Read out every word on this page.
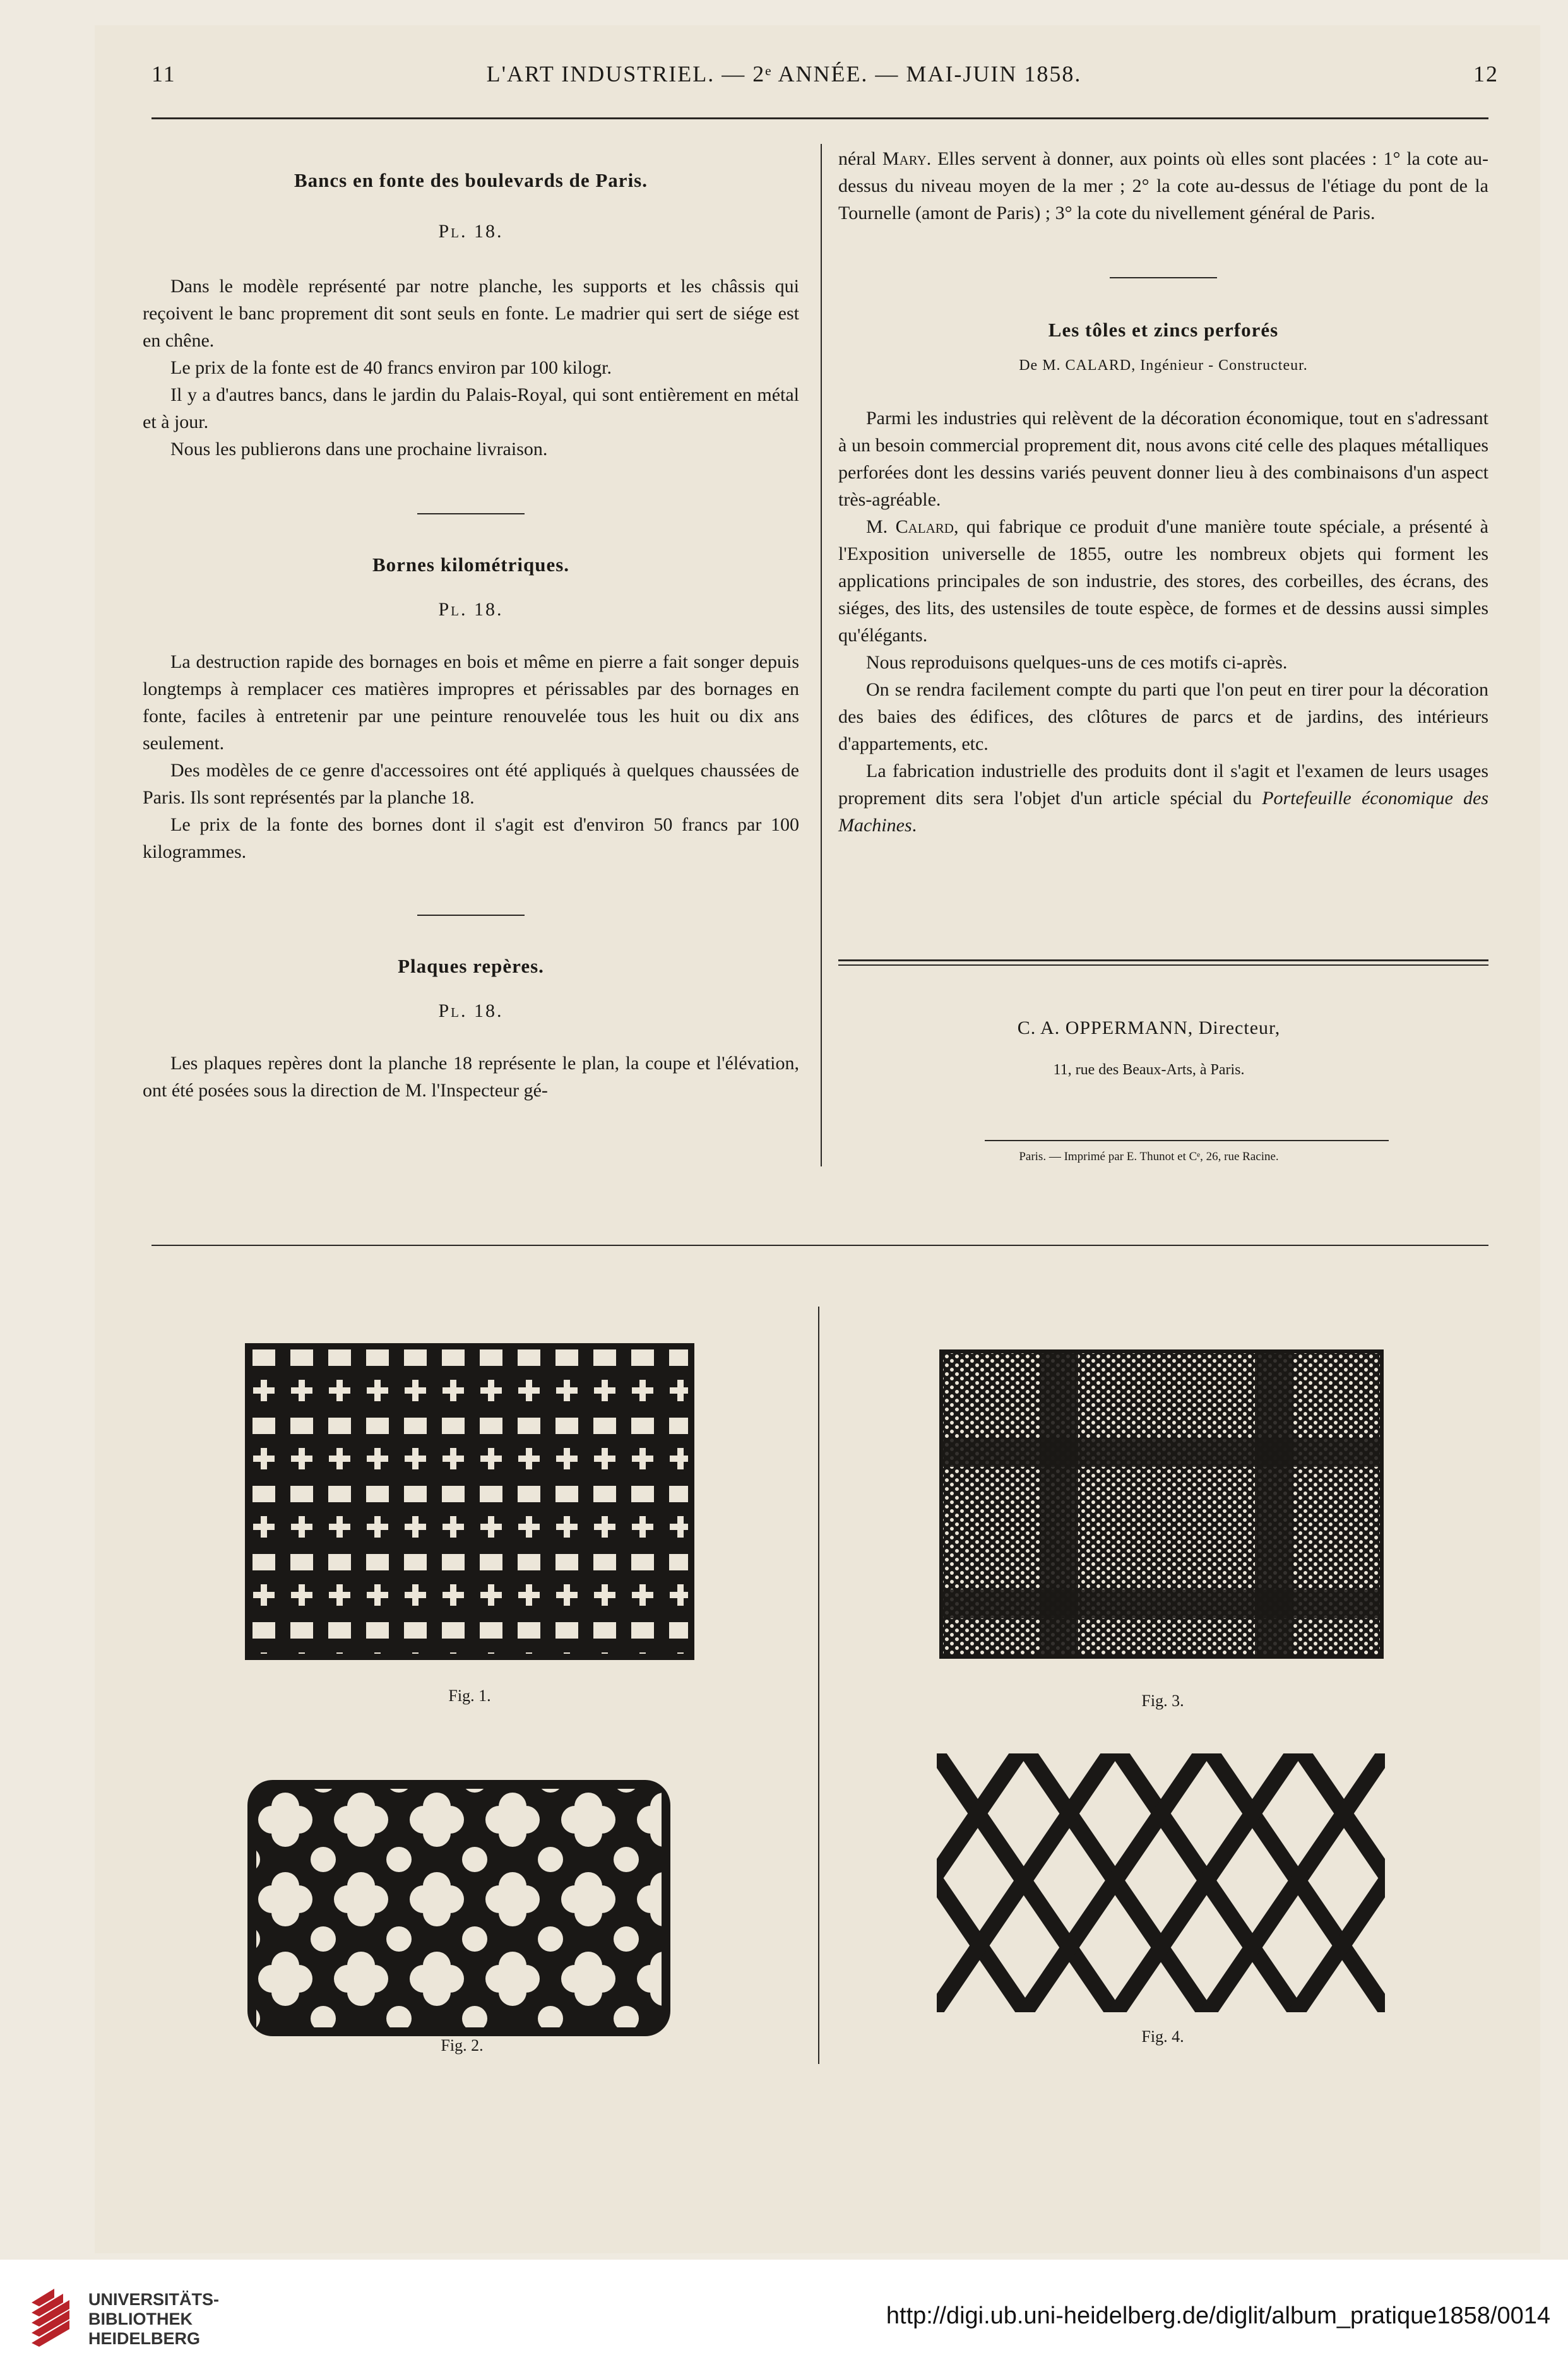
11	L'ART INDUSTRIEL. — 2ᵉ ANNÉE. — MAI-JUIN 1858.	12

Bancs en fonte des boulevards de Paris.

Pl. 18.

Dans le modèle représenté par notre planche, les supports et les châssis qui reçoivent le banc proprement dit sont seuls en fonte. Le madrier qui sert de siége est en chêne.

Le prix de la fonte est de 40 francs environ par 100 kilogr.

Il y a d'autres bancs, dans le jardin du Palais-Royal, qui sont entièrement en métal et à jour.

Nous les publierons dans une prochaine livraison.

Bornes kilométriques.

Pl. 18.

La destruction rapide des bornages en bois et même en pierre a fait songer depuis longtemps à remplacer ces matières impropres et périssables par des bornages en fonte, faciles à entretenir par une peinture renouvelée tous les huit ou dix ans seulement.

Des modèles de ce genre d'accessoires ont été appliqués à quelques chaussées de Paris. Ils sont représentés par la planche 18.

Le prix de la fonte des bornes dont il s'agit est d'environ 50 francs par 100 kilogrammes.

Plaques repères.

Pl. 18.

Les plaques repères dont la planche 18 représente le plan, la coupe et l'élévation, ont été posées sous la direction de M. l'Inspecteur gé-

néral Mary. Elles servent à donner, aux points où elles sont placées : 1° la cote au-dessus du niveau moyen de la mer ; 2° la cote au-dessus de l'étiage du pont de la Tournelle (amont de Paris) ; 3° la cote du nivellement général de Paris.

Les tôles et zincs perforés

De M. CALARD, Ingénieur - Constructeur.

Parmi les industries qui relèvent de la décoration économique, tout en s'adressant à un besoin commercial proprement dit, nous avons cité celle des plaques métalliques perforées dont les dessins variés peuvent donner lieu à des combinaisons d'un aspect très-agréable.

M. Calard, qui fabrique ce produit d'une manière toute spéciale, a présenté à l'Exposition universelle de 1855, outre les nombreux objets qui forment les applications principales de son industrie, des stores, des corbeilles, des écrans, des siéges, des lits, des ustensiles de toute espèce, de formes et de dessins aussi simples qu'élégants.

Nous reproduisons quelques-uns de ces motifs ci-après.

On se rendra facilement compte du parti que l'on peut en tirer pour la décoration des baies des édifices, des clôtures de parcs et de jardins, des intérieurs d'appartements, etc.

La fabrication industrielle des produits dont il s'agit et l'examen de leurs usages proprement dits sera l'objet d'un article spécial du Portefeuille économique des Machines.

C. A. OPPERMANN, Directeur,
11, rue des Beaux-Arts, à Paris.
Paris. — Imprimé par E. Thunot et Cᵉ, 26, rue Racine.
Fig. 1.
Fig. 2.
Fig. 3.
Fig. 4.
UNIVERSITÄTS-
BIBLIOTHEK
HEIDELBERG
http://digi.ub.uni-heidelberg.de/diglit/album_pratique1858/0014
